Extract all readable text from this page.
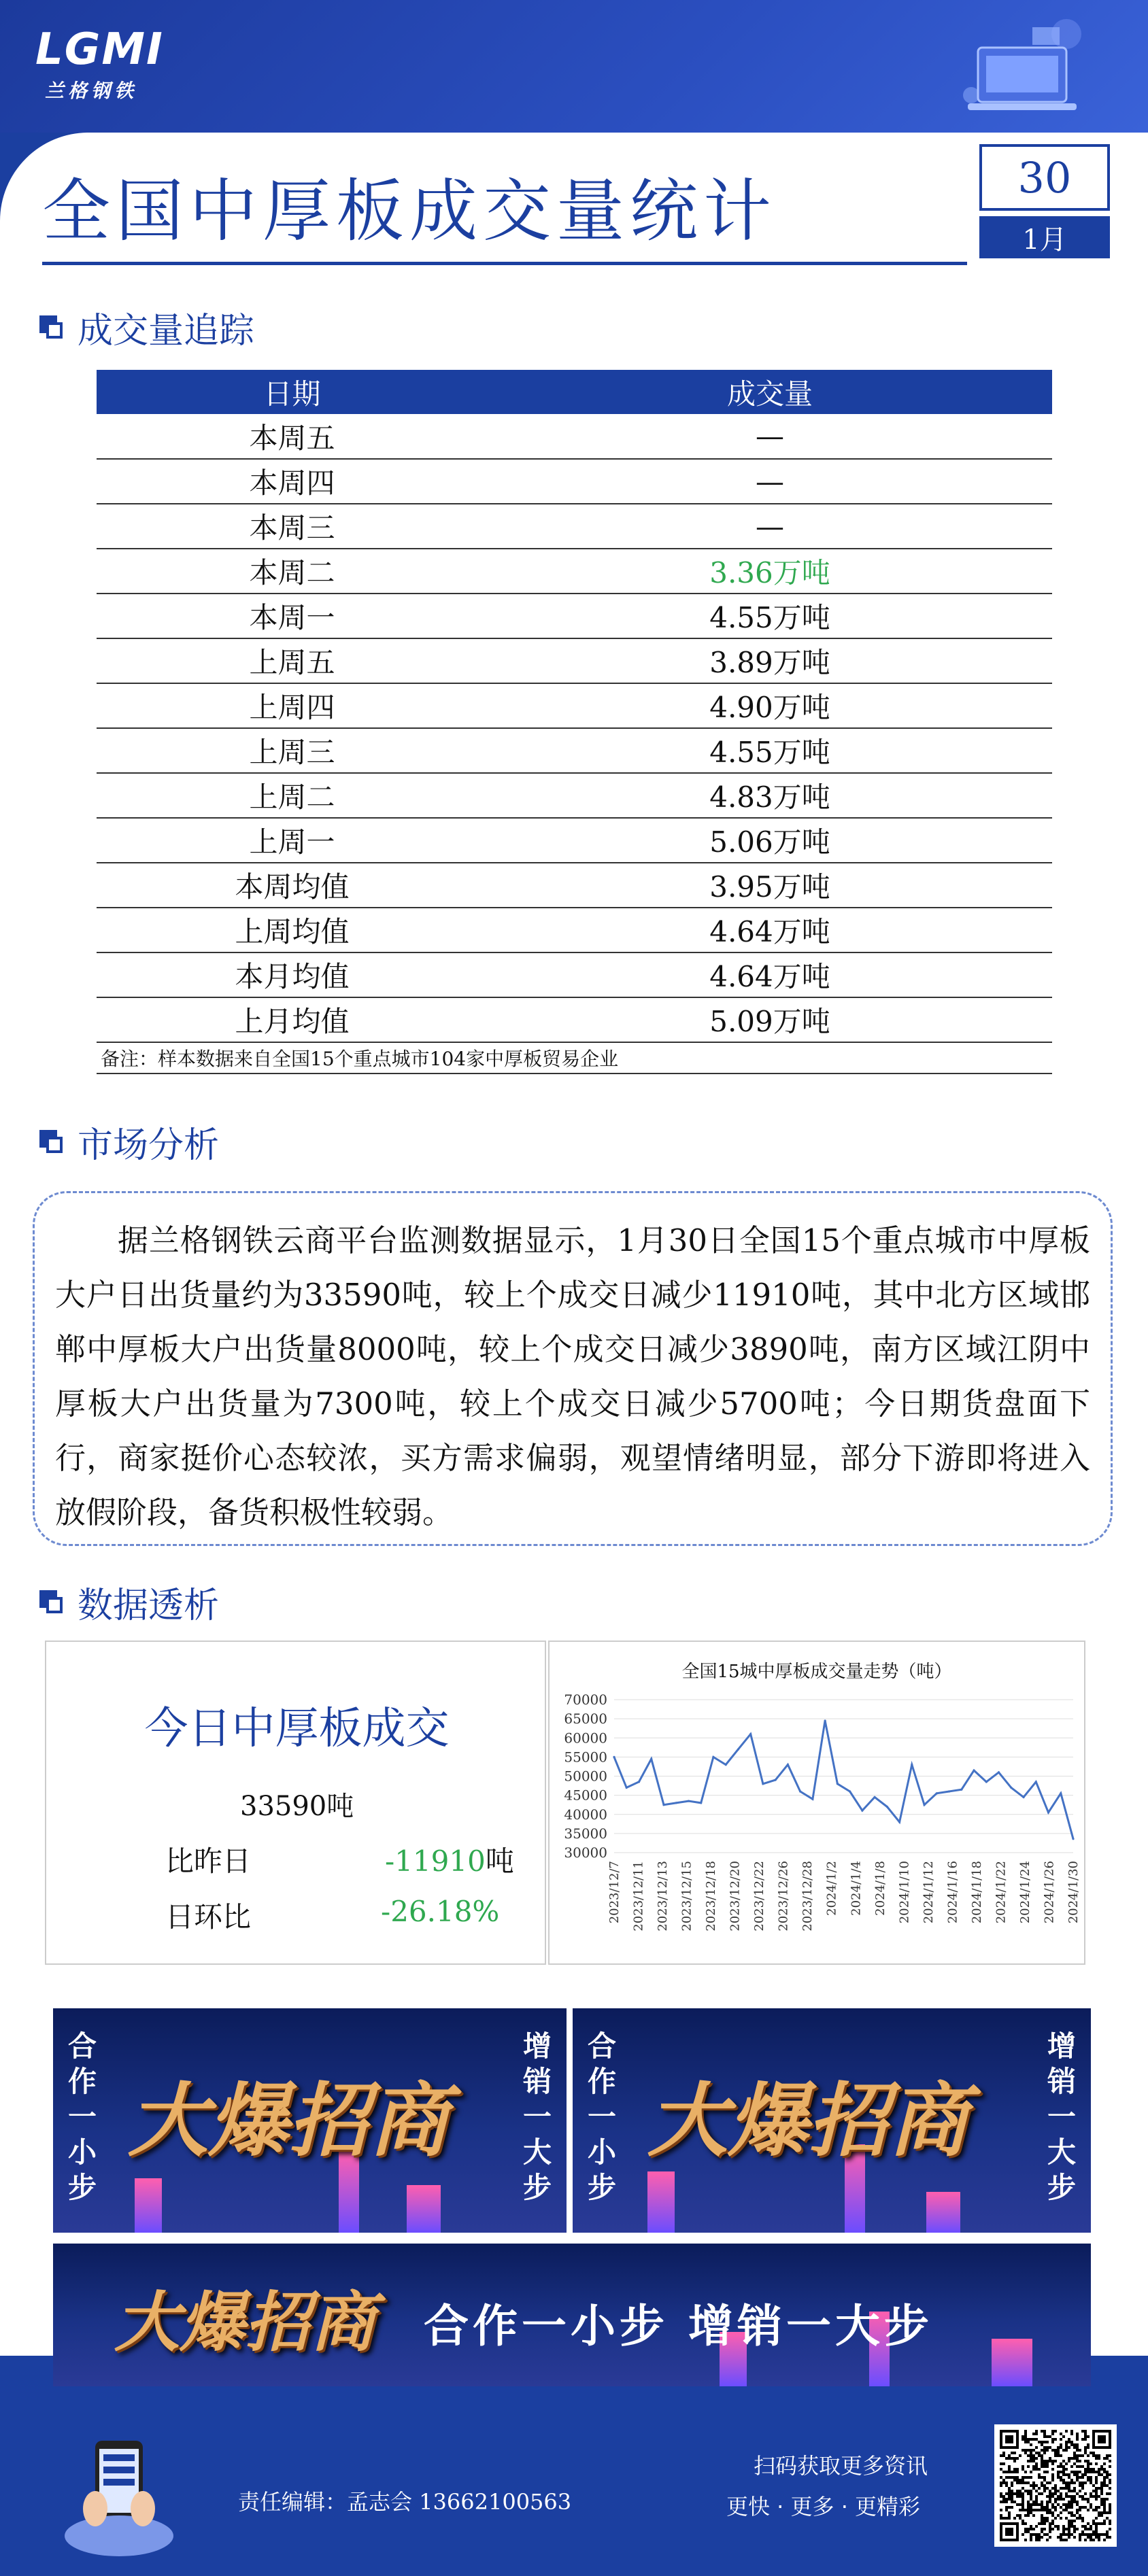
LGMI
兰格钢铁
全国中厚板成交量统计	30
1月
成交量追踪
日期	成交量
本周五	—
本周四	—
本周三	—
本周二	3.36万吨
本周一	4.55万吨
上周五	3.89万吨
上周四	4.90万吨
上周三	4.55万吨
上周二	4.83万吨
上周一	5.06万吨
本周均值	3.95万吨
上周均值	4.64万吨
本月均值	4.64万吨
上月均值	5.09万吨
备注：样本数据来自全国15个重点城市104家中厚板贸易企业	
市场分析
据兰格钢铁云商平台监测数据显示，1月30日全国15个重点城市中厚板大户日出货量约为33590吨，较上个成交日减少11910吨，其中北方区域邯郸中厚板大户出货量8000吨，较上个成交日减少3890吨，南方区域江阴中厚板大户出货量为7300吨，较上个成交日减少5700吨；今日期货盘面下行，商家挺价心态较浓，买方需求偏弱，观望情绪明显，部分下游即将进入放假阶段，备货积极性较弱。
数据透析
今日中厚板成交
33590吨
比昨日	-11910吨
日环比	-26.18%
全国15城中厚板成交量走势（吨）
30000
35000
40000
45000
50000
55000
60000
65000
70000
2023/12/7 2023/12/11 2023/12/13 2023/12/15 2023/12/18 2023/12/20 2023/12/22 2023/12/26 2023/12/28 2024/1/2 2024/1/4 2024/1/8 2024/1/10 2024/1/12 2024/1/16 2024/1/18 2024/1/22 2024/1/24 2024/1/26 2024/1/30
合作一小步
增销一大步
大爆招商
合作一小步
增销一大步
大爆招商
大爆招商 合作一小步 增销一大步
责任编辑：孟志会 13662100563
扫码获取更多资讯
更快 · 更多 · 更精彩
